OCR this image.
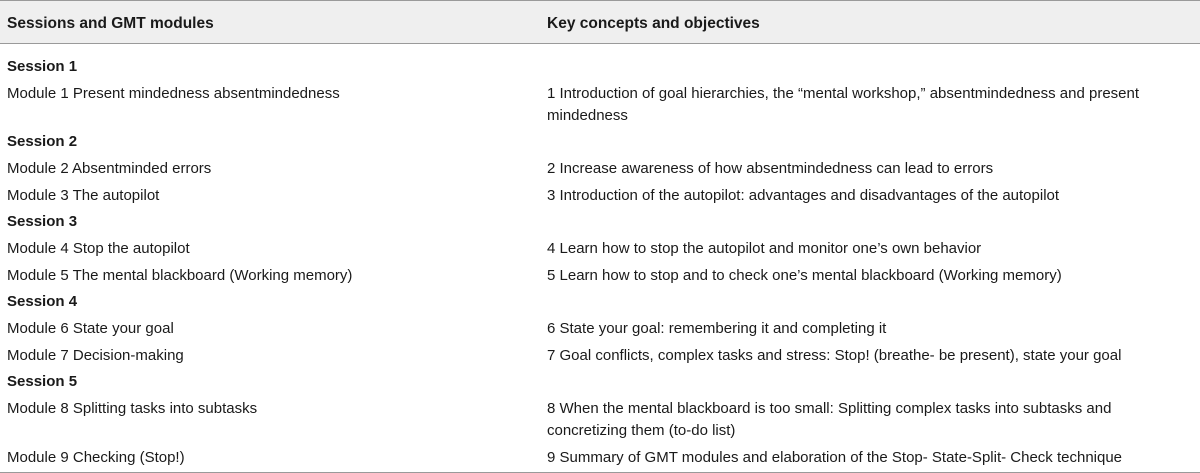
Sessions and GMT modules	Key concepts and objectives
Session 1
Module 1 Present mindedness absentmindedness	1 Introduction of goal hierarchies, the “mental workshop,” absentmindedness and present mindedness
Session 2
Module 2 Absentminded errors	2 Increase awareness of how absentmindedness can lead to errors
Module 3 The autopilot	3 Introduction of the autopilot: advantages and disadvantages of the autopilot
Session 3
Module 4 Stop the autopilot	4 Learn how to stop the autopilot and monitor one’s own behavior
Module 5 The mental blackboard (Working memory)	5 Learn how to stop and to check one’s mental blackboard (Working memory)
Session 4
Module 6 State your goal	6 State your goal: remembering it and completing it
Module 7 Decision-making	7 Goal conflicts, complex tasks and stress: Stop! (breathe- be present), state your goal
Session 5
Module 8 Splitting tasks into subtasks	8 When the mental blackboard is too small: Splitting complex tasks into subtasks and concretizing them (to-do list)
Module 9 Checking (Stop!)	9 Summary of GMT modules and elaboration of the Stop- State-Split- Check technique
